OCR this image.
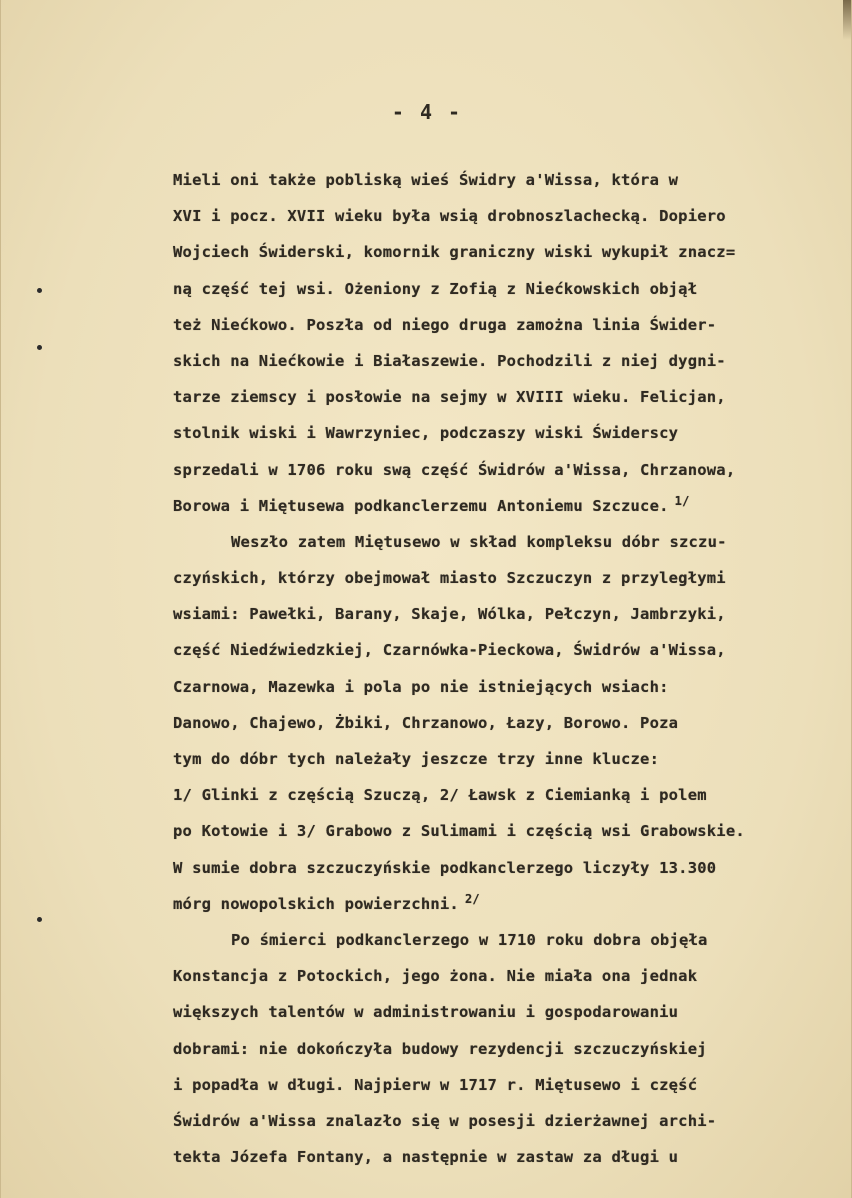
- 4 -
Mieli oni także pobliską wieś Świdry a'Wissa, która w
XVI i pocz. XVII wieku była wsią drobnoszlachecką. Dopiero
Wojciech Świderski, komornik graniczny wiski wykupił znacz=
ną część tej wsi. Ożeniony z Zofią z Niećkowskich objął
też Niećkowo. Poszła od niego druga zamożna linia Świder-
skich na Niećkowie i Białaszewie. Pochodzili z niej dygni-
tarze ziemscy i posłowie na sejmy w XVIII wieku. Felicjan,
stolnik wiski i Wawrzyniec, podczaszy wiski Świderscy
sprzedali w 1706 roku swą część Świdrów a'Wissa, Chrzanowa,
Borowa i Miętusewa podkanclerzemu Antoniemu Szczuce. $^{1/}$
Weszło zatem Miętusewo w skład kompleksu dóbr szczu-
czyńskich, którzy obejmował miasto Szczuczyn z przyległymi
wsiami: Pawełki, Barany, Skaje, Wólka, Pełczyn, Jambrzyki,
część Niedźwiedzkiej, Czarnówka-Pieckowa, Świdrów a'Wissa,
Czarnowa, Mazewka i pola po nie istniejących wsiach:
Danowo, Chajewo, Żbiki, Chrzanowo, Łazy, Borowo. Poza
tym do dóbr tych należały jeszcze trzy inne klucze:
1/ Glinki z częścią Szuczą, 2/ Ławsk z Ciemianką i polem
po Kotowie i 3/ Grabowo z Sulimami i częścią wsi Grabowskie.
W sumie dobra szczuczyńskie podkanclerzego liczyły 13.300
mórg nowopolskich powierzchni. $^{2/}$
Po śmierci podkanclerzego w 1710 roku dobra objęła
Konstancja z Potockich, jego żona. Nie miała ona jednak
większych talentów w administrowaniu i gospodarowaniu
dobrami: nie dokończyła budowy rezydencji szczuczyńskiej
i popadła w długi. Najpierw w 1717 r. Miętusewo i część
Świdrów a'Wissa znalazło się w posesji dzierżawnej archi-
tekta Józefa Fontany, a następnie w zastaw za długi u
